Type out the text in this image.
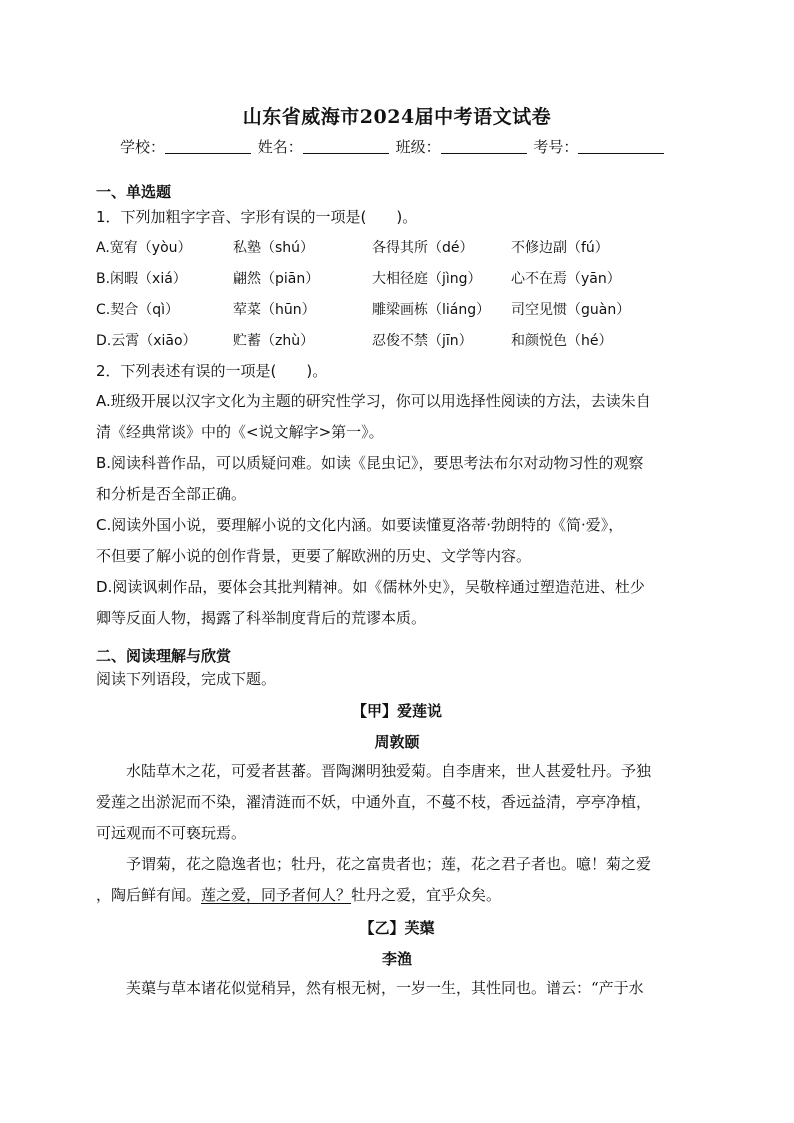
山东省威海市2024届中考语文试卷
学校：	姓名：	班级：	考号：
一、单选题
1．下列加粗字字音、字形有误的一项是(　　)。
A.宽宥（yòu）	私塾（shú）	各得其所（dé）	不修边副（fú）
B.闲暇（xiá）	翩然（piān）	大相径庭（jìng） 心不在焉（yān）
C.契合（qì）	荤菜（hūn）	雕梁画栋（liáng） 司空见惯（guàn）
D.云霄（xiāo）	贮蓄（zhù）	忍俊不禁（jīn）	和颜悦色（hé）
2．下列表述有误的一项是(　　)。
A.班级开展以汉字文化为主题的研究性学习，你可以用选择性阅读的方法，去读朱自
清《经典常谈》中的《<说文解字>第一》。
B.阅读科普作品，可以质疑问难。如读《昆虫记》，要思考法布尔对动物习性的观察
和分析是否全部正确。
C.阅读外国小说，要理解小说的文化内涵。如要读懂夏洛蒂·勃朗特的《简·爱》，
不但要了解小说的创作背景，更要了解欧洲的历史、文学等内容。
D.阅读讽刺作品，要体会其批判精神。如《儒林外史》，吴敬梓通过塑造范进、杜少
卿等反面人物，揭露了科举制度背后的荒谬本质。
二、阅读理解与欣赏
阅读下列语段，完成下题。
【甲】爱莲说
周敦颐
水陆草木之花，可爱者甚蕃。晋陶渊明独爱菊。自李唐来，世人甚爱牡丹。予独
爱莲之出淤泥而不染，濯清涟而不妖，中通外直，不蔓不枝，香远益清，亭亭净植，
可远观而不可亵玩焉。
予谓菊，花之隐逸者也；牡丹，花之富贵者也；莲，花之君子者也。噫！菊之爱
，陶后鲜有闻。莲之爱，同予者何人？牡丹之爱，宜乎众矣。
【乙】芙蕖
李渔
芙蕖与草本诸花似觉稍异，然有根无树，一岁一生，其性同也。谱云：“产于水
